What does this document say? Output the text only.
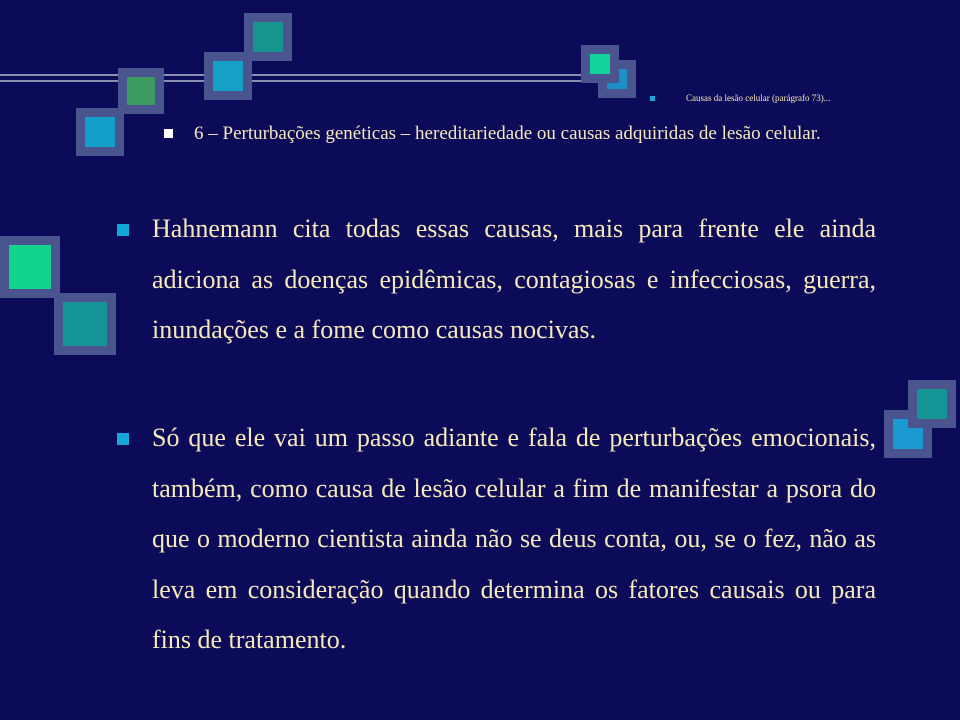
Causas da lesão celular (parágrafo 73)...
6 – Perturbações genéticas – hereditariedade ou causas adquiridas de lesão celular.
Hahnemann cita todas essas causas, mais para frente ele ainda adiciona as doenças epidêmicas, contagiosas e infecciosas, guerra, inundações e a fome como causas nocivas.
Só que ele vai um passo adiante e fala de perturbações emocionais, também, como causa de lesão celular a fim de manifestar a psora do que o moderno cientista ainda não se deus conta, ou, se o fez, não as leva em consideração quando determina os fatores causais ou para fins de tratamento.
